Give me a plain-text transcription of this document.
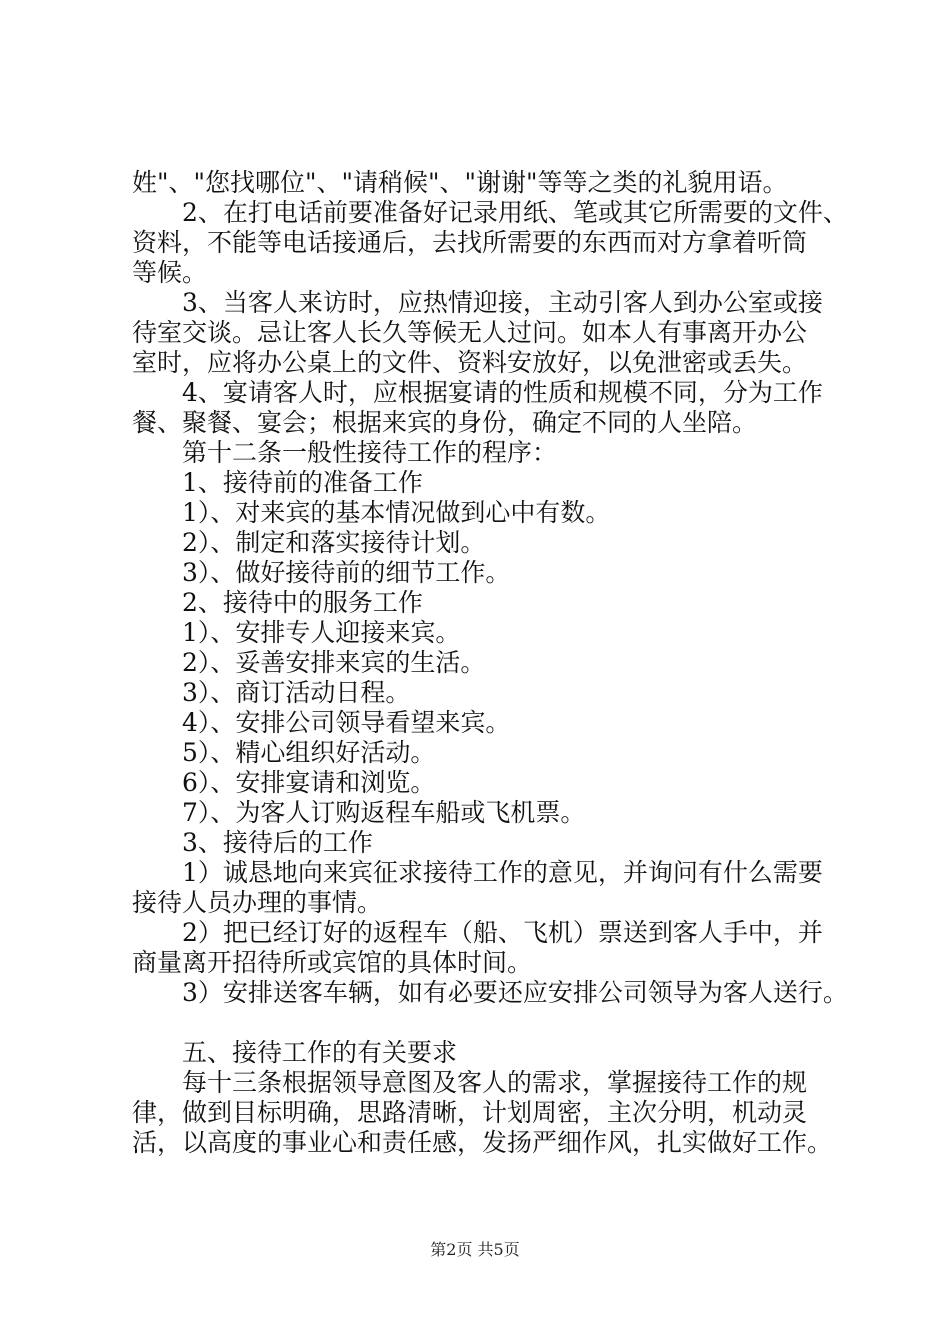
姓"、"您找哪位"、"请稍候"、"谢谢"等等之类的礼貌用语。

2、在打电话前要准备好记录用纸、笔或其它所需要的文件、

资料，不能等电话接通后，去找所需要的东西而对方拿着听筒

等候。

3、当客人来访时，应热情迎接，主动引客人到办公室或接

待室交谈。忌让客人长久等候无人过问。如本人有事离开办公

室时，应将办公桌上的文件、资料安放好，以免泄密或丢失。

4、宴请客人时，应根据宴请的性质和规模不同，分为工作

餐、聚餐、宴会；根据来宾的身份，确定不同的人坐陪。

第十二条一般性接待工作的程序：

1、接待前的准备工作

1）、对来宾的基本情况做到心中有数。

2）、制定和落实接待计划。

3）、做好接待前的细节工作。

2、接待中的服务工作

1）、安排专人迎接来宾。

2）、妥善安排来宾的生活。

3）、商订活动日程。

4）、安排公司领导看望来宾。

5）、精心组织好活动。

6）、安排宴请和浏览。

7）、为客人订购返程车船或飞机票。

3、接待后的工作

1）诚恳地向来宾征求接待工作的意见，并询问有什么需要

接待人员办理的事情。

2）把已经订好的返程车（船、飞机）票送到客人手中，并

商量离开招待所或宾馆的具体时间。

3）安排送客车辆，如有必要还应安排公司领导为客人送行。

五、接待工作的有关要求

每十三条根据领导意图及客人的需求，掌握接待工作的规

律，做到目标明确，思路清晰，计划周密，主次分明，机动灵

活，以高度的事业心和责任感，发扬严细作风，扎实做好工作。

第2页 共5页
